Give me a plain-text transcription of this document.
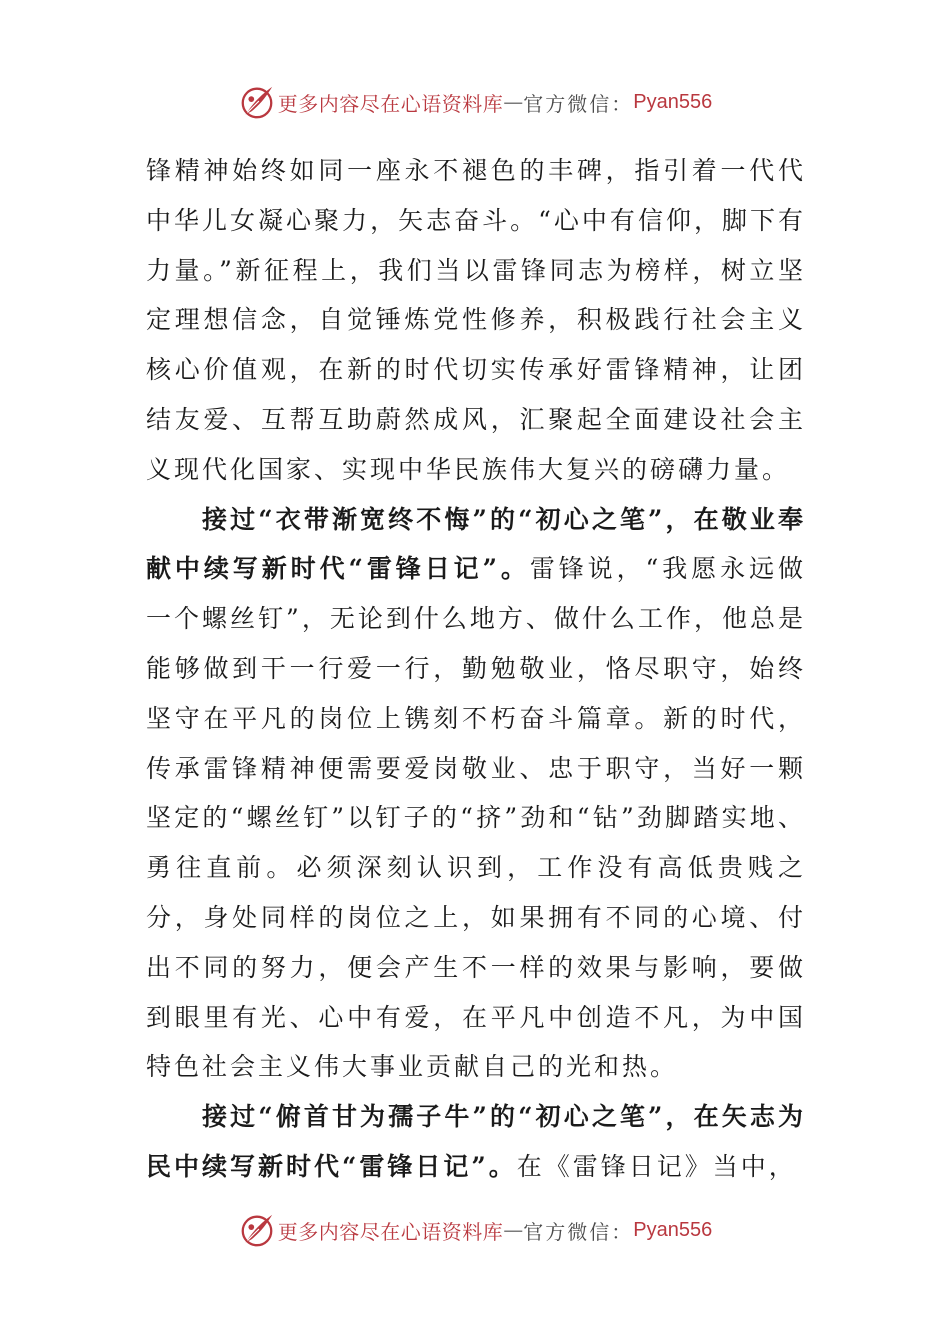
更多内容尽在心语资料库 — 官方微信： Pyan556

锋精神始终如同一座永不褪色的丰碑，指引着一代代中华儿女凝心聚力，矢志奋斗。“心中有信仰，脚下有力量。”新征程上，我们当以雷锋同志为榜样，树立坚定理想信念，自觉锤炼党性修养，积极践行社会主义核心价值观，在新的时代切实传承好雷锋精神，让团结友爱、互帮互助蔚然成风，汇聚起全面建设社会主义现代化国家、实现中华民族伟大复兴的磅礴力量。

接过“衣带渐宽终不悔”的“初心之笔”，在敬业奉献中续写新时代“雷锋日记”。雷锋说，“我愿永远做一个螺丝钉”，无论到什么地方、做什么工作，他总是能够做到干一行爱一行，勤勉敬业，恪尽职守，始终坚守在平凡的岗位上镌刻不朽奋斗篇章。新的时代，传承雷锋精神便需要爱岗敬业、忠于职守，当好一颗坚定的“螺丝钉”以钉子的“挤”劲和“钻”劲脚踏实地、勇往直前。必须深刻认识到，工作没有高低贵贱之分，身处同样的岗位之上，如果拥有不同的心境、付出不同的努力，便会产生不一样的效果与影响，要做到眼里有光、心中有爱，在平凡中创造不凡，为中国特色社会主义伟大事业贡献自己的光和热。

接过“俯首甘为孺子牛”的“初心之笔”，在矢志为民中续写新时代“雷锋日记”。在《雷锋日记》当中，

更多内容尽在心语资料库 — 官方微信： Pyan556
